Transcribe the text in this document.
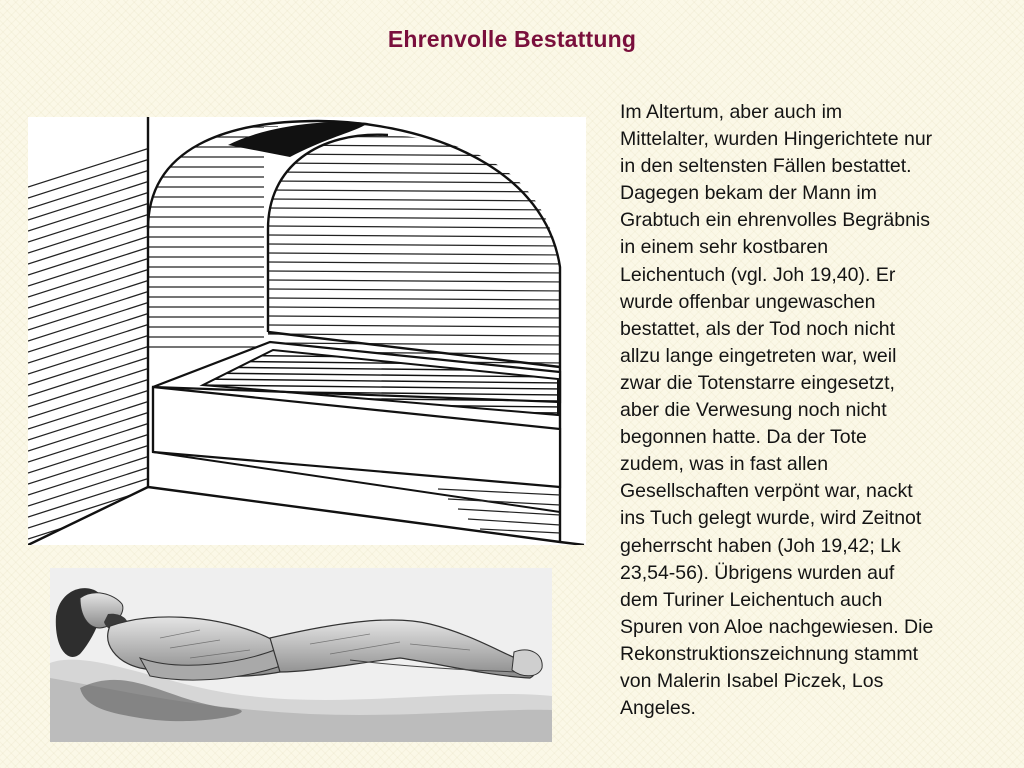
Ehrenvolle Bestattung
Im Altertum, aber auch im
Mittelalter, wurden Hingerichtete nur
in den seltensten Fällen bestattet.
Dagegen bekam der Mann im
Grabtuch ein ehrenvolles Begräbnis
in einem sehr kostbaren
Leichentuch (vgl. Joh 19,40). Er
wurde offenbar ungewaschen
bestattet, als der Tod noch nicht
allzu lange eingetreten war, weil
zwar die Totenstarre eingesetzt,
aber die Verwesung noch nicht
begonnen hatte. Da der Tote
zudem, was in fast allen
Gesellschaften verpönt war, nackt
ins Tuch gelegt wurde, wird Zeitnot
geherrscht haben (Joh 19,42; Lk
23,54-56). Übrigens wurden auf
dem Turiner Leichentuch auch
Spuren von Aloe nachgewiesen. Die
Rekonstruktionszeichnung stammt
von Malerin Isabel Piczek, Los
Angeles.
